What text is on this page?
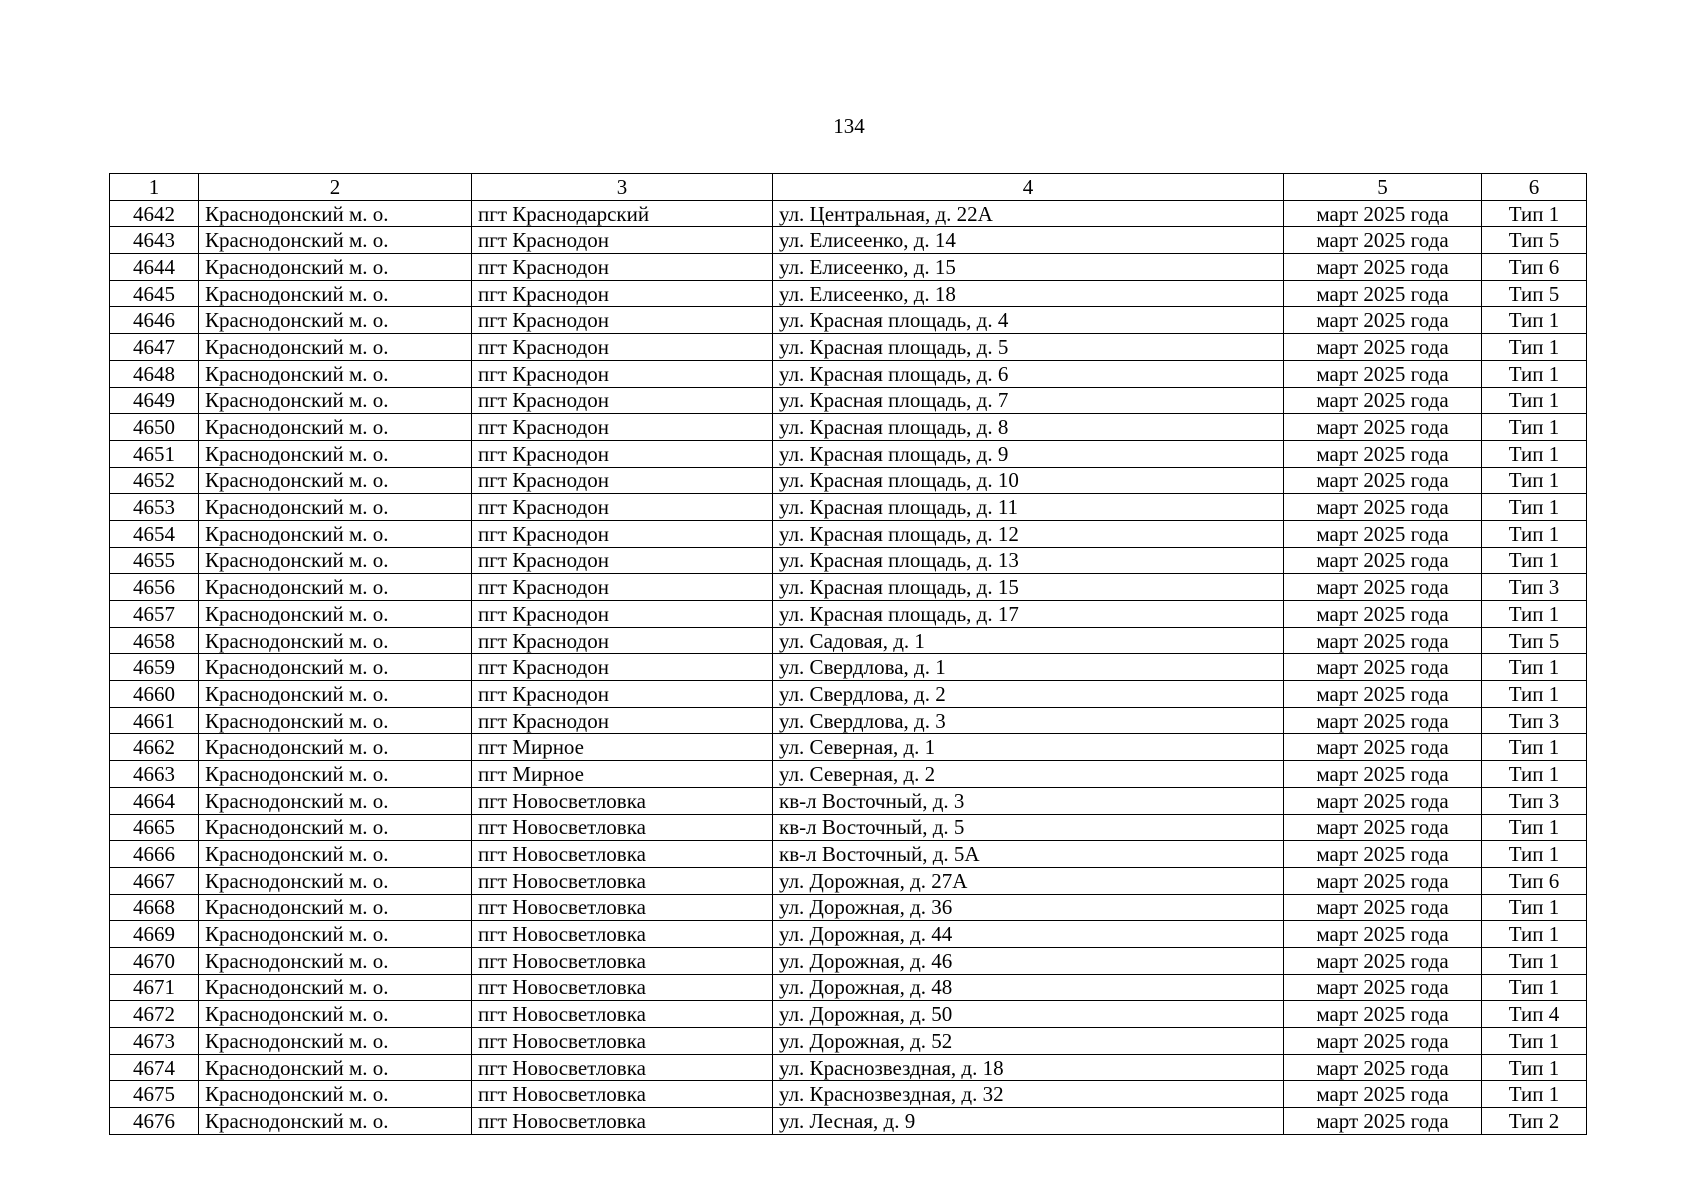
134
1	2	3	4	5	6
4642	Краснодонский м. о.	пгт Краснодарский	ул. Центральная, д. 22А	март 2025 года	Тип 1
4643	Краснодонский м. о.	пгт Краснодон	ул. Елисеенко, д. 14	март 2025 года	Тип 5
4644	Краснодонский м. о.	пгт Краснодон	ул. Елисеенко, д. 15	март 2025 года	Тип 6
4645	Краснодонский м. о.	пгт Краснодон	ул. Елисеенко, д. 18	март 2025 года	Тип 5
4646	Краснодонский м. о.	пгт Краснодон	ул. Красная площадь, д. 4	март 2025 года	Тип 1
4647	Краснодонский м. о.	пгт Краснодон	ул. Красная площадь, д. 5	март 2025 года	Тип 1
4648	Краснодонский м. о.	пгт Краснодон	ул. Красная площадь, д. 6	март 2025 года	Тип 1
4649	Краснодонский м. о.	пгт Краснодон	ул. Красная площадь, д. 7	март 2025 года	Тип 1
4650	Краснодонский м. о.	пгт Краснодон	ул. Красная площадь, д. 8	март 2025 года	Тип 1
4651	Краснодонский м. о.	пгт Краснодон	ул. Красная площадь, д. 9	март 2025 года	Тип 1
4652	Краснодонский м. о.	пгт Краснодон	ул. Красная площадь, д. 10	март 2025 года	Тип 1
4653	Краснодонский м. о.	пгт Краснодон	ул. Красная площадь, д. 11	март 2025 года	Тип 1
4654	Краснодонский м. о.	пгт Краснодон	ул. Красная площадь, д. 12	март 2025 года	Тип 1
4655	Краснодонский м. о.	пгт Краснодон	ул. Красная площадь, д. 13	март 2025 года	Тип 1
4656	Краснодонский м. о.	пгт Краснодон	ул. Красная площадь, д. 15	март 2025 года	Тип 3
4657	Краснодонский м. о.	пгт Краснодон	ул. Красная площадь, д. 17	март 2025 года	Тип 1
4658	Краснодонский м. о.	пгт Краснодон	ул. Садовая, д. 1	март 2025 года	Тип 5
4659	Краснодонский м. о.	пгт Краснодон	ул. Свердлова, д. 1	март 2025 года	Тип 1
4660	Краснодонский м. о.	пгт Краснодон	ул. Свердлова, д. 2	март 2025 года	Тип 1
4661	Краснодонский м. о.	пгт Краснодон	ул. Свердлова, д. 3	март 2025 года	Тип 3
4662	Краснодонский м. о.	пгт Мирное	ул. Северная, д. 1	март 2025 года	Тип 1
4663	Краснодонский м. о.	пгт Мирное	ул. Северная, д. 2	март 2025 года	Тип 1
4664	Краснодонский м. о.	пгт Новосветловка	кв-л Восточный, д. 3	март 2025 года	Тип 3
4665	Краснодонский м. о.	пгт Новосветловка	кв-л Восточный, д. 5	март 2025 года	Тип 1
4666	Краснодонский м. о.	пгт Новосветловка	кв-л Восточный, д. 5А	март 2025 года	Тип 1
4667	Краснодонский м. о.	пгт Новосветловка	ул. Дорожная, д. 27А	март 2025 года	Тип 6
4668	Краснодонский м. о.	пгт Новосветловка	ул. Дорожная, д. 36	март 2025 года	Тип 1
4669	Краснодонский м. о.	пгт Новосветловка	ул. Дорожная, д. 44	март 2025 года	Тип 1
4670	Краснодонский м. о.	пгт Новосветловка	ул. Дорожная, д. 46	март 2025 года	Тип 1
4671	Краснодонский м. о.	пгт Новосветловка	ул. Дорожная, д. 48	март 2025 года	Тип 1
4672	Краснодонский м. о.	пгт Новосветловка	ул. Дорожная, д. 50	март 2025 года	Тип 4
4673	Краснодонский м. о.	пгт Новосветловка	ул. Дорожная, д. 52	март 2025 года	Тип 1
4674	Краснодонский м. о.	пгт Новосветловка	ул. Краснозвездная, д. 18	март 2025 года	Тип 1
4675	Краснодонский м. о.	пгт Новосветловка	ул. Краснозвездная, д. 32	март 2025 года	Тип 1
4676	Краснодонский м. о.	пгт Новосветловка	ул. Лесная, д. 9	март 2025 года	Тип 2
